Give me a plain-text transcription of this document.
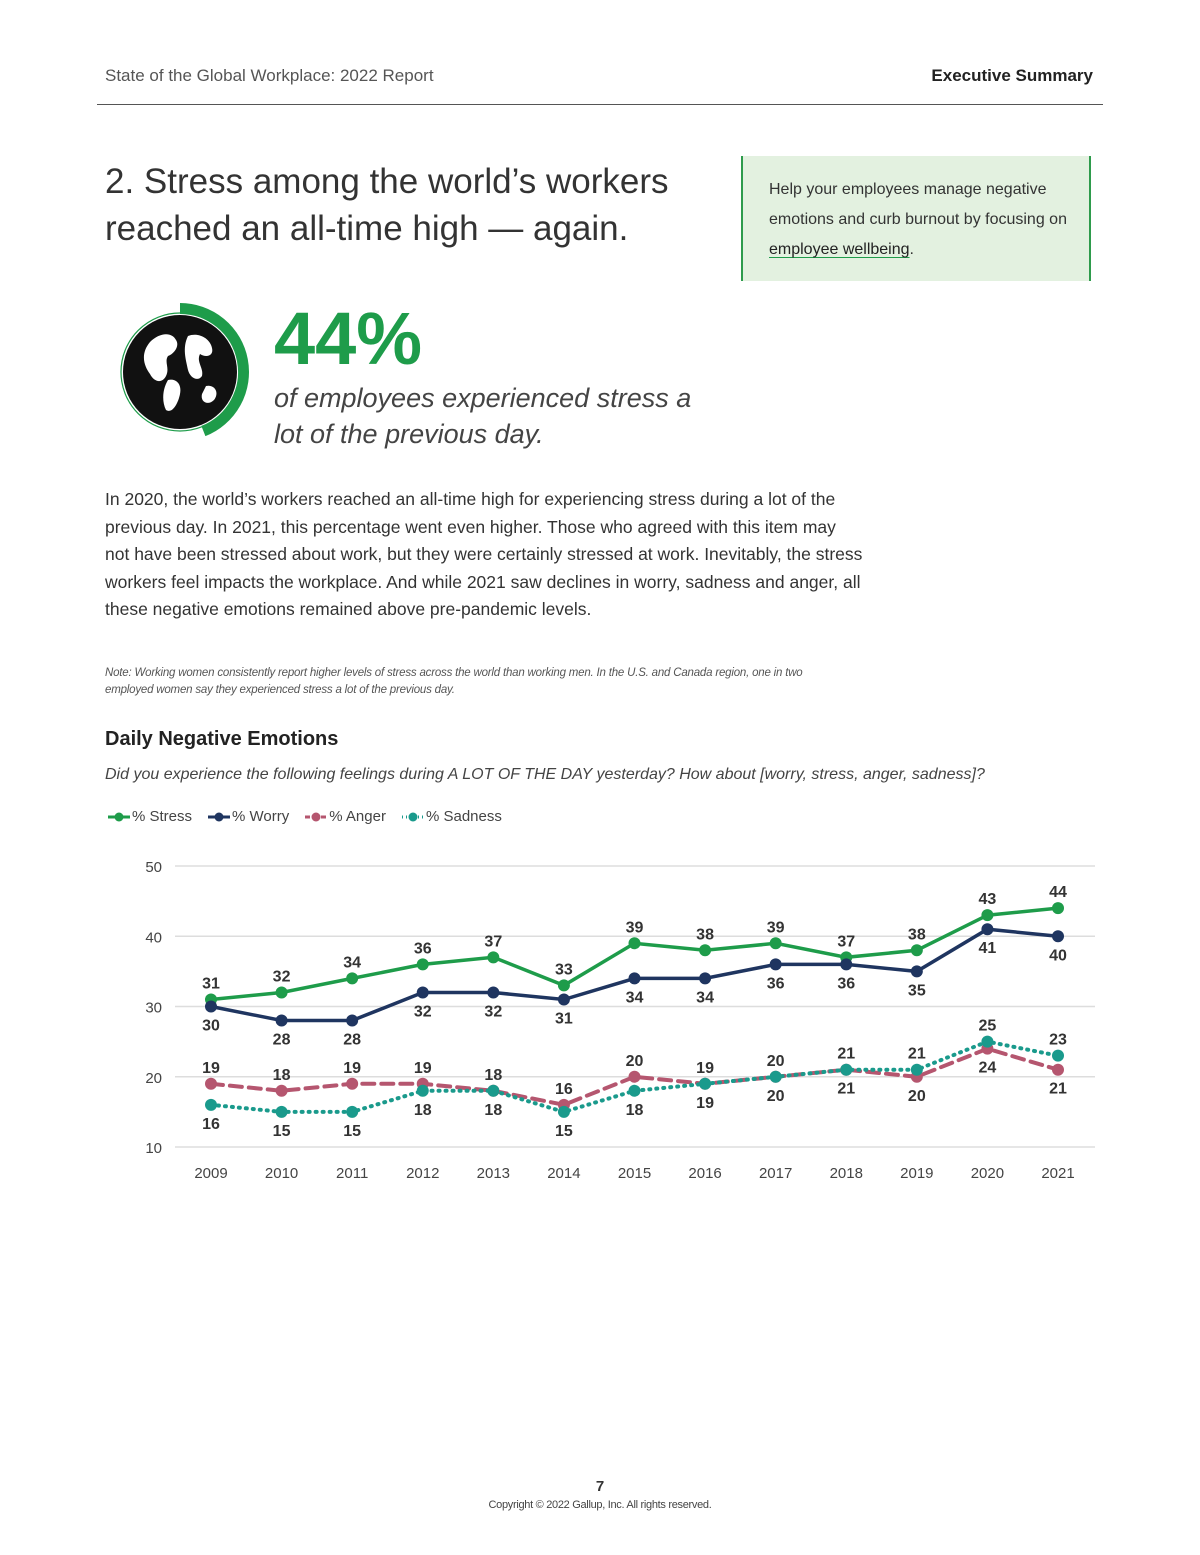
State of the Global Workplace: 2022 Report	Executive Summary
2. Stress among the world’s workers reached an all-time high — again.
Help your employees manage negative emotions and curb burnout by focusing on employee wellbeing.
44%
of employees experienced stress a lot of the previous day.

In 2020, the world’s workers reached an all-time high for experiencing stress during a lot of the previous day. In 2021, this percentage went even higher. Those who agreed with this item may not have been stressed about work, but they were certainly stressed at work. Inevitably, the stress workers feel impacts the workplace. And while 2021 saw declines in worry, sadness and anger, all these negative emotions remained above pre-pandemic levels.

Note: Working women consistently report higher levels of stress across the world than working men. In the U.S. and Canada region, one in two employed women say they experienced stress a lot of the previous day.

Daily Negative Emotions
Did you experience the following feelings during A LOT OF THE DAY yesterday? How about [worry, stress, anger, sadness]?
% Stress	% Worry	% Anger	% Sadness
10
20
30
40
50
2009 2010	2011	2012 2013 2014 2015 2016 2017 2018 2019 2020 2021
31	32
34
36	37
33
39	38	39
37	38
43	44
30
28	28
32	32	31
34	34
36	36	35
41	40
19	18	19	19	18
16
20	19	20	21
20
24
21
16	15	15
18	18
15
18	19	20	21
21
25
23
7
Copyright © 2022 Gallup, Inc. All rights reserved.
